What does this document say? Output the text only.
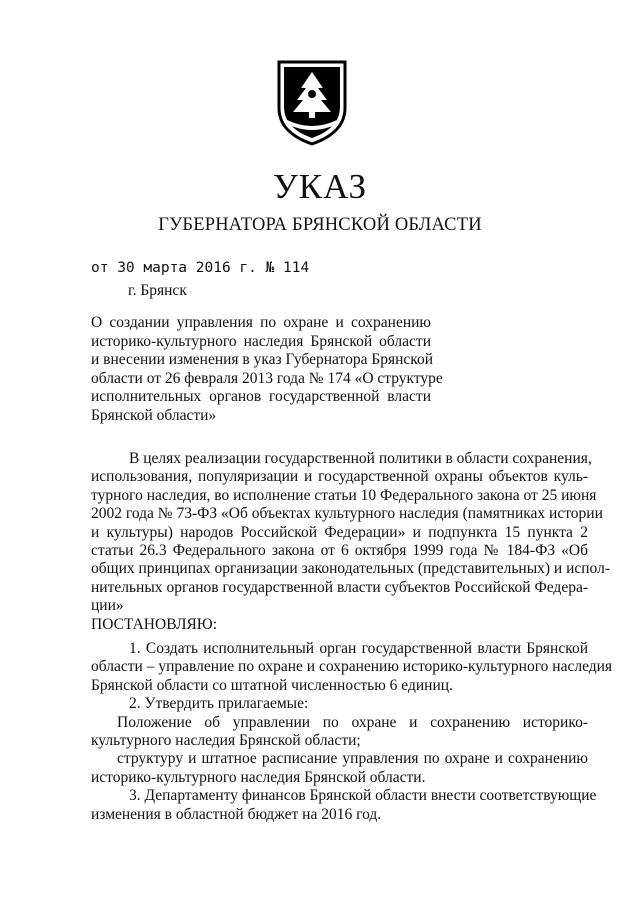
УКАЗ
ГУБЕРНАТОРА БРЯНСКОЙ ОБЛАСТИ
от 30 марта 2016 г. № 114
г. Брянск
О создании управления по охране и сохранению
историко-культурного наследия Брянской области
и внесении изменения в указ Губернатора Брянской
области от 26 февраля 2013 года № 174 «О структуре
исполнительных органов государственной власти
Брянской области»
В целях реализации государственной политики в области сохранения,
использования, популяризации и государственной охраны объектов куль-
турного наследия, во исполнение статьи 10 Федерального закона от 25 июня
2002 года № 73-ФЗ «Об объектах культурного наследия (памятниках истории
и культуры) народов Российской Федерации» и подпункта 15 пункта 2
статьи 26.3 Федерального закона от 6 октября 1999 года № 184-ФЗ «Об
общих принципах организации законодательных (представительных) и испол-
нительных органов государственной власти субъектов Российской Федера-
ции»
ПОСТАНОВЛЯЮ:
1. Создать исполнительный орган государственной власти Брянской
области – управление по охране и сохранению историко-культурного наследия
Брянской области со штатной численностью 6 единиц.
2. Утвердить прилагаемые:
Положение об управлении по охране и сохранению историко-
культурного наследия Брянской области;
структуру и штатное расписание управления по охране и сохранению
историко-культурного наследия Брянской области.
3. Департаменту финансов Брянской области внести соответствующие
изменения в областной бюджет на 2016 год.
